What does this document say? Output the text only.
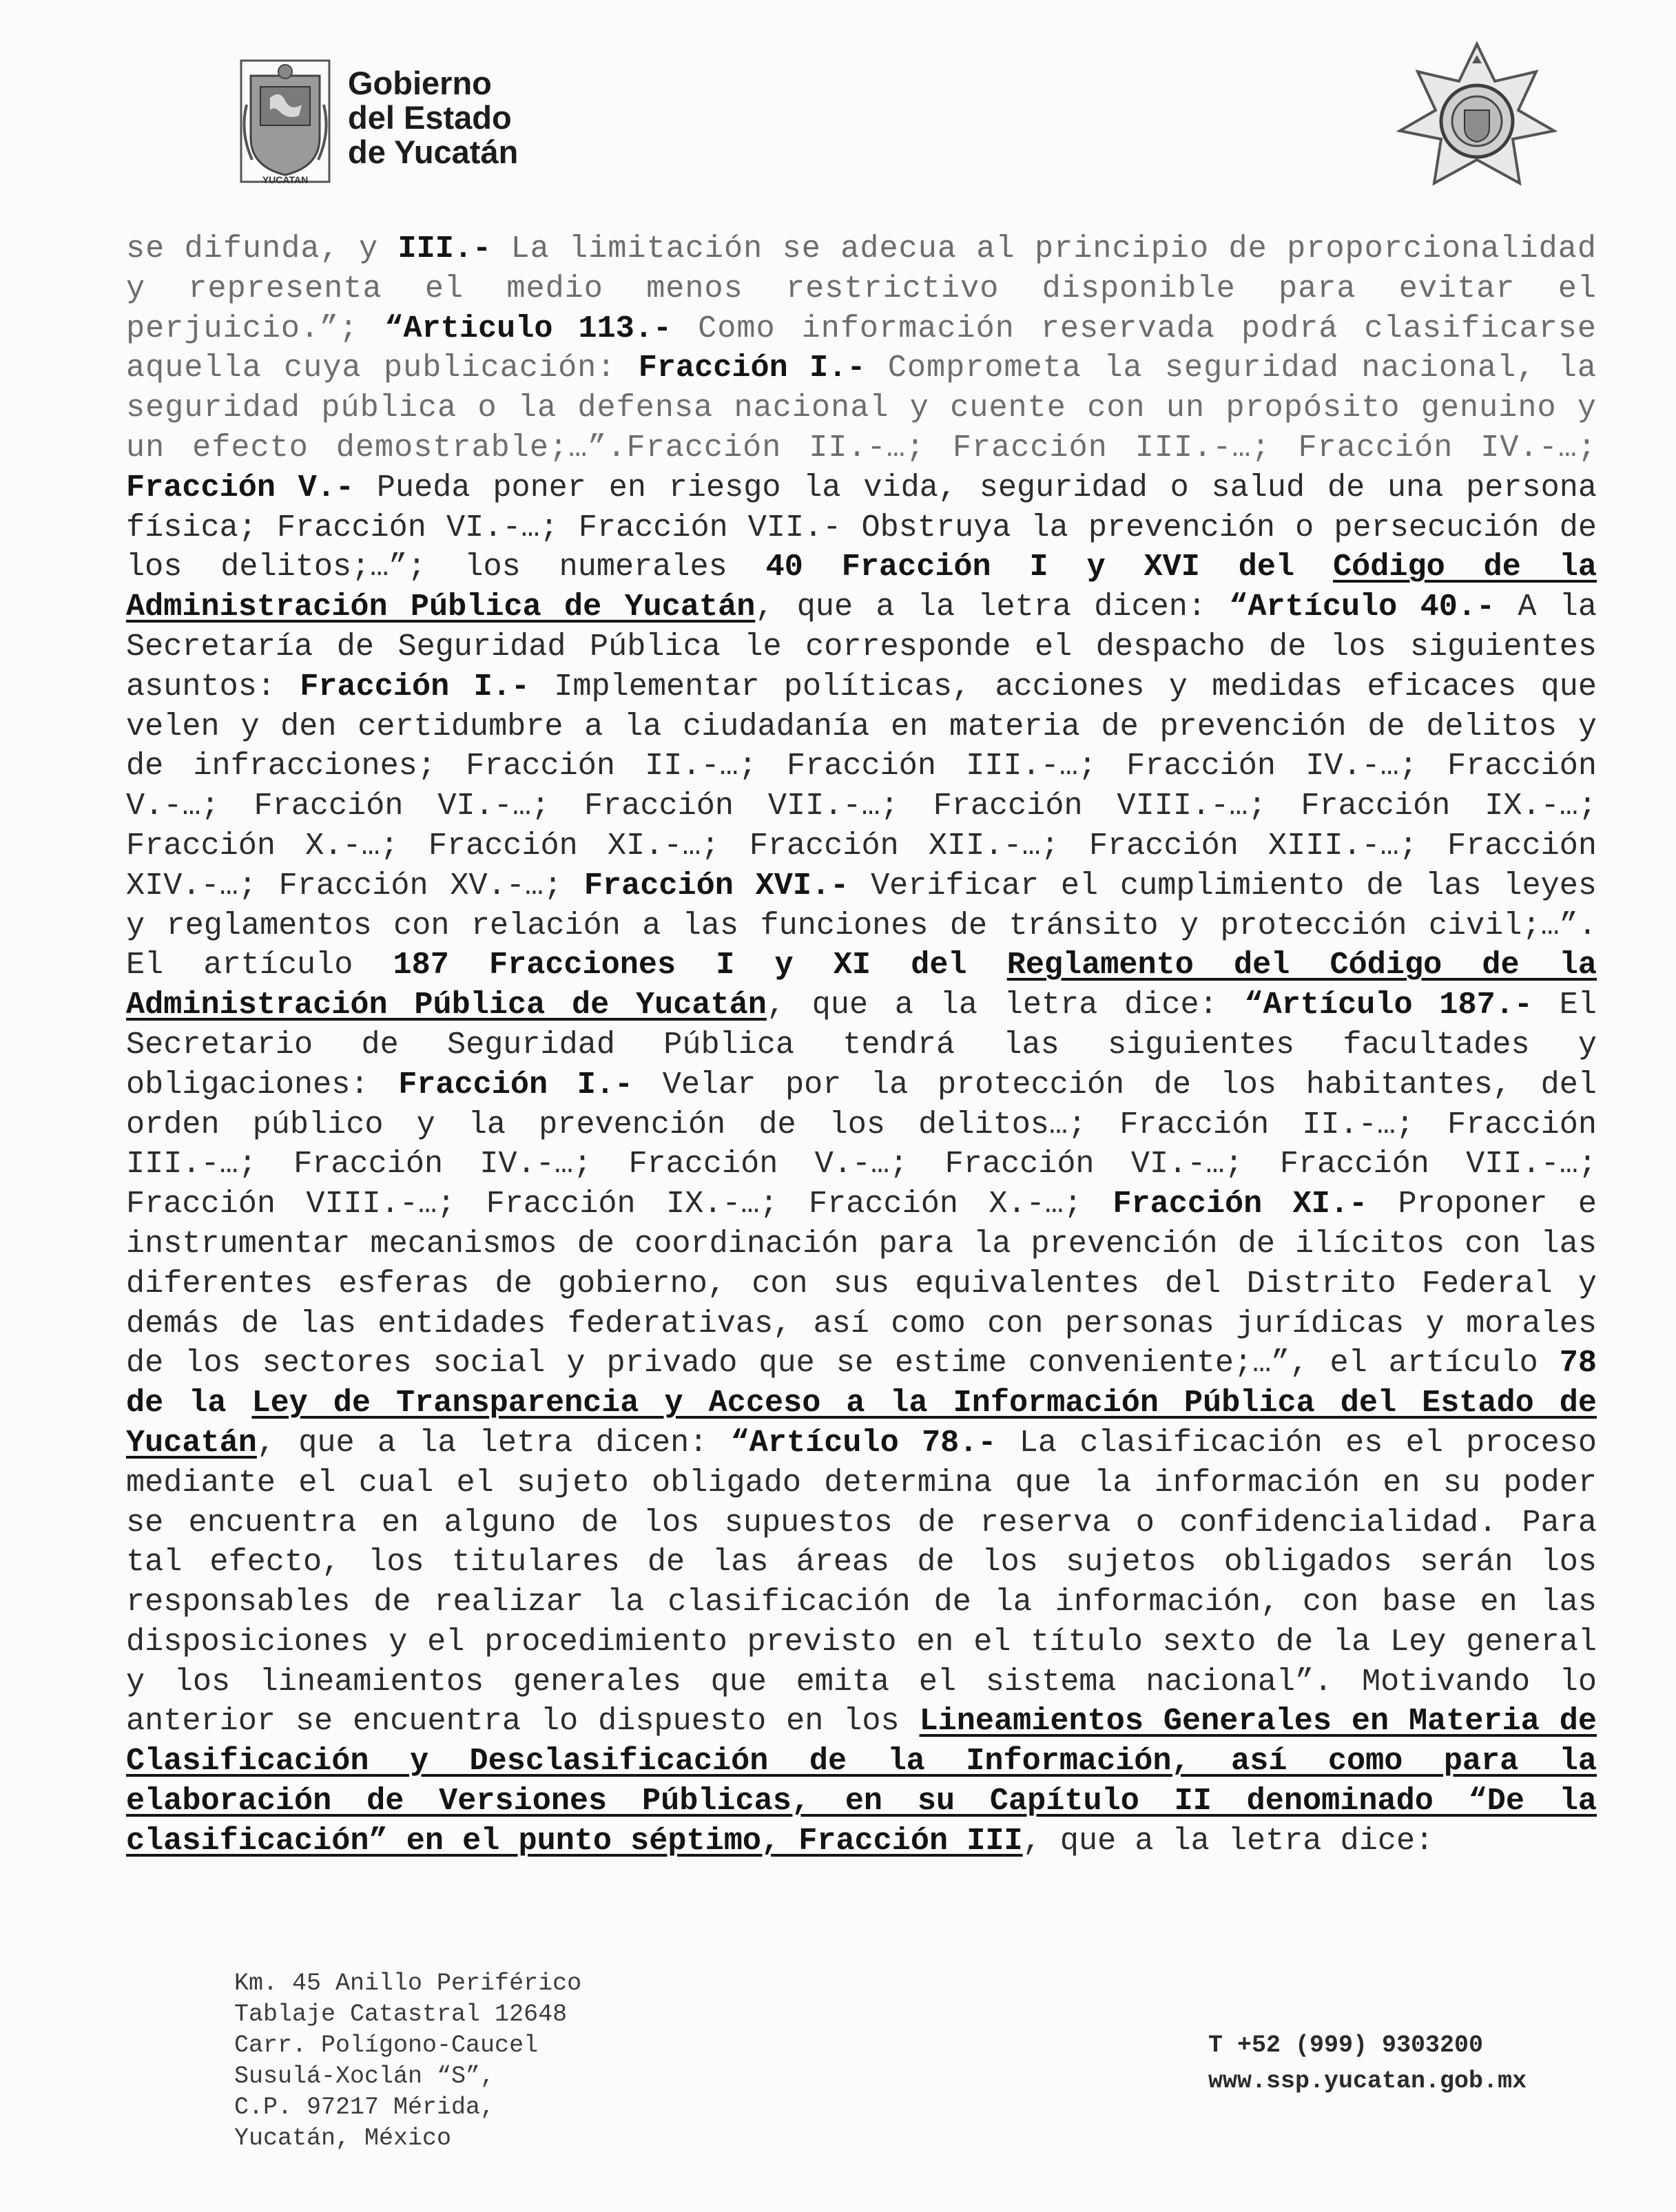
YUCATAN
Gobierno
del Estado
de Yucatán

se difunda, y III.- La limitación se adecua al principio de proporcionalidad y representa el medio menos restrictivo disponible para evitar el perjuicio.”; “Articulo 113.- Como información reservada podrá clasificarse aquella cuya publicación: Fracción I.- Comprometa la seguridad nacional, la seguridad pública o la defensa nacional y cuente con un propósito genuino y un efecto demostrable;…”.Fracción II.-…; Fracción III.-…; Fracción IV.-…; Fracción V.- Pueda poner en riesgo la vida, seguridad o salud de una persona física; Fracción VI.-…; Fracción VII.- Obstruya la prevención o persecución de los delitos;…”; los numerales 40 Fracción I y XVI del Código de la Administración Pública de Yucatán, que a la letra dicen: “Artículo 40.- A la Secretaría de Seguridad Pública le corresponde el despacho de los siguientes asuntos: Fracción I.- Implementar políticas, acciones y medidas eficaces que velen y den certidumbre a la ciudadanía en materia de prevención de delitos y de infracciones; Fracción II.-…; Fracción III.-…; Fracción IV.-…; Fracción V.-…; Fracción VI.-…; Fracción VII.-…; Fracción VIII.-…; Fracción IX.-…; Fracción X.-…; Fracción XI.-…; Fracción XII.-…; Fracción XIII.-…; Fracción XIV.-…; Fracción XV.-…; Fracción XVI.- Verificar el cumplimiento de las leyes y reglamentos con relación a las funciones de tránsito y protección civil;…”. El artículo 187 Fracciones I y XI del Reglamento del Código de la Administración Pública de Yucatán, que a la letra dice: “Artículo 187.- El Secretario de Seguridad Pública tendrá las siguientes facultades y obligaciones: Fracción I.- Velar por la protección de los habitantes, del orden público y la prevención de los delitos…; Fracción II.-…; Fracción III.-…; Fracción IV.-…; Fracción V.-…; Fracción VI.-…; Fracción VII.-…; Fracción VIII.-…; Fracción IX.-…; Fracción X.-…; Fracción XI.- Proponer e instrumentar mecanismos de coordinación para la prevención de ilícitos con las diferentes esferas de gobierno, con sus equivalentes del Distrito Federal y demás de las entidades federativas, así como con personas jurídicas y morales de los sectores social y privado que se estime conveniente;…”, el artículo 78 de la Ley de Transparencia y Acceso a la Información Pública del Estado de Yucatán, que a la letra dicen: “Artículo 78.- La clasificación es el proceso mediante el cual el sujeto obligado determina que la información en su poder se encuentra en alguno de los supuestos de reserva o confidencialidad. Para tal efecto, los titulares de las áreas de los sujetos obligados serán los responsables de realizar la clasificación de la información, con base en las disposiciones y el procedimiento previsto en el título sexto de la Ley general y los lineamientos generales que emita el sistema nacional”. Motivando lo anterior se encuentra lo dispuesto en los Lineamientos Generales en Materia de Clasificación y Desclasificación de la Información, así como para la elaboración de Versiones Públicas, en su Capítulo II denominado “De la clasificación” en el punto séptimo, Fracción III, que a la letra dice:

Km. 45 Anillo Periférico
Tablaje Catastral 12648
Carr. Polígono-Caucel
Susulá-Xoclán “S”,
C.P. 97217 Mérida,
Yucatán, México
T +52 (999) 9303200
www.ssp.yucatan.gob.mx
